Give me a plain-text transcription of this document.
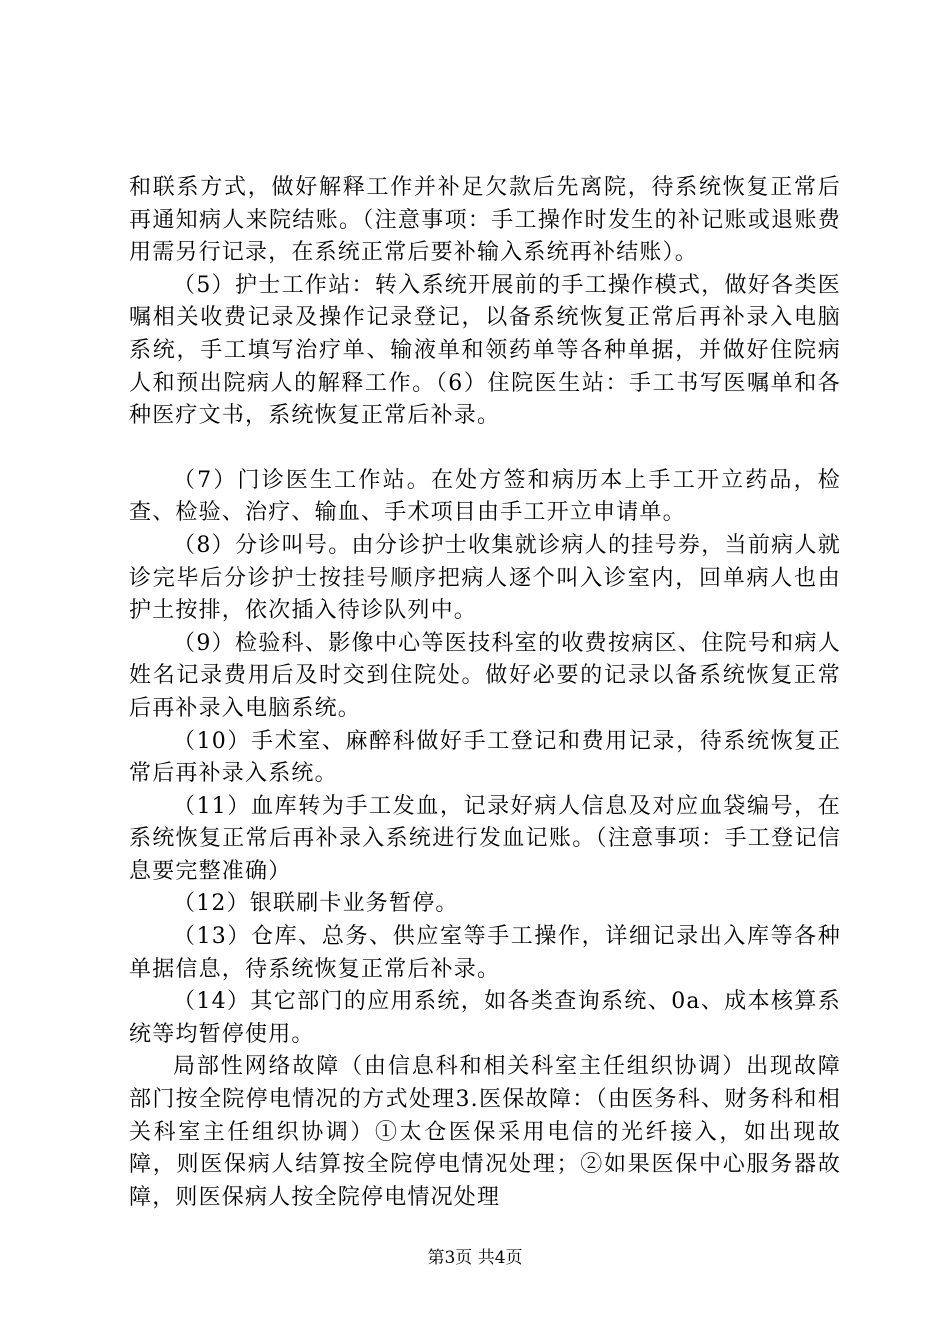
和联系方式，做好解释工作并补足欠款后先离院，待系统恢复正常后再通知病人来院结账。（注意事项：手工操作时发生的补记账或退账费用需另行记录，在系统正常后要补输入系统再补结账）。

（5）护士工作站：转入系统开展前的手工操作模式，做好各类医嘱相关收费记录及操作记录登记，以备系统恢复正常后再补录入电脑系统，手工填写治疗单、输液单和领药单等各种单据，并做好住院病人和预出院病人的解释工作。（6）住院医生站：手工书写医嘱单和各种医疗文书，系统恢复正常后补录。

（7）门诊医生工作站。在处方签和病历本上手工开立药品，检查、检验、治疗、输血、手术项目由手工开立申请单。

（8）分诊叫号。由分诊护士收集就诊病人的挂号券，当前病人就诊完毕后分诊护士按挂号顺序把病人逐个叫入诊室内，回单病人也由护土按排，依次插入待诊队列中。

（9）检验科、影像中心等医技科室的收费按病区、住院号和病人姓名记录费用后及时交到住院处。做好必要的记录以备系统恢复正常后再补录入电脑系统。

（10）手术室、麻醉科做好手工登记和费用记录，待系统恢复正常后再补录入系统。

（11）血库转为手工发血，记录好病人信息及对应血袋编号，在系统恢复正常后再补录入系统进行发血记账。（注意事项：手工登记信息要完整准确）

（12）银联刷卡业务暂停。

（13）仓库、总务、供应室等手工操作，详细记录出入库等各种单据信息，待系统恢复正常后补录。

（14）其它部门的应用系统，如各类查询系统、0a、成本核算系统等均暂停使用。

局部性网络故障（由信息科和相关科室主任组织协调）出现故障部门按全院停电情况的方式处理3.医保故障：（由医务科、财务科和相关科室主任组织协调）①太仓医保采用电信的光纤接入，如出现故障，则医保病人结算按全院停电情况处理；②如果医保中心服务器故障，则医保病人按全院停电情况处理

第3页 共4页
